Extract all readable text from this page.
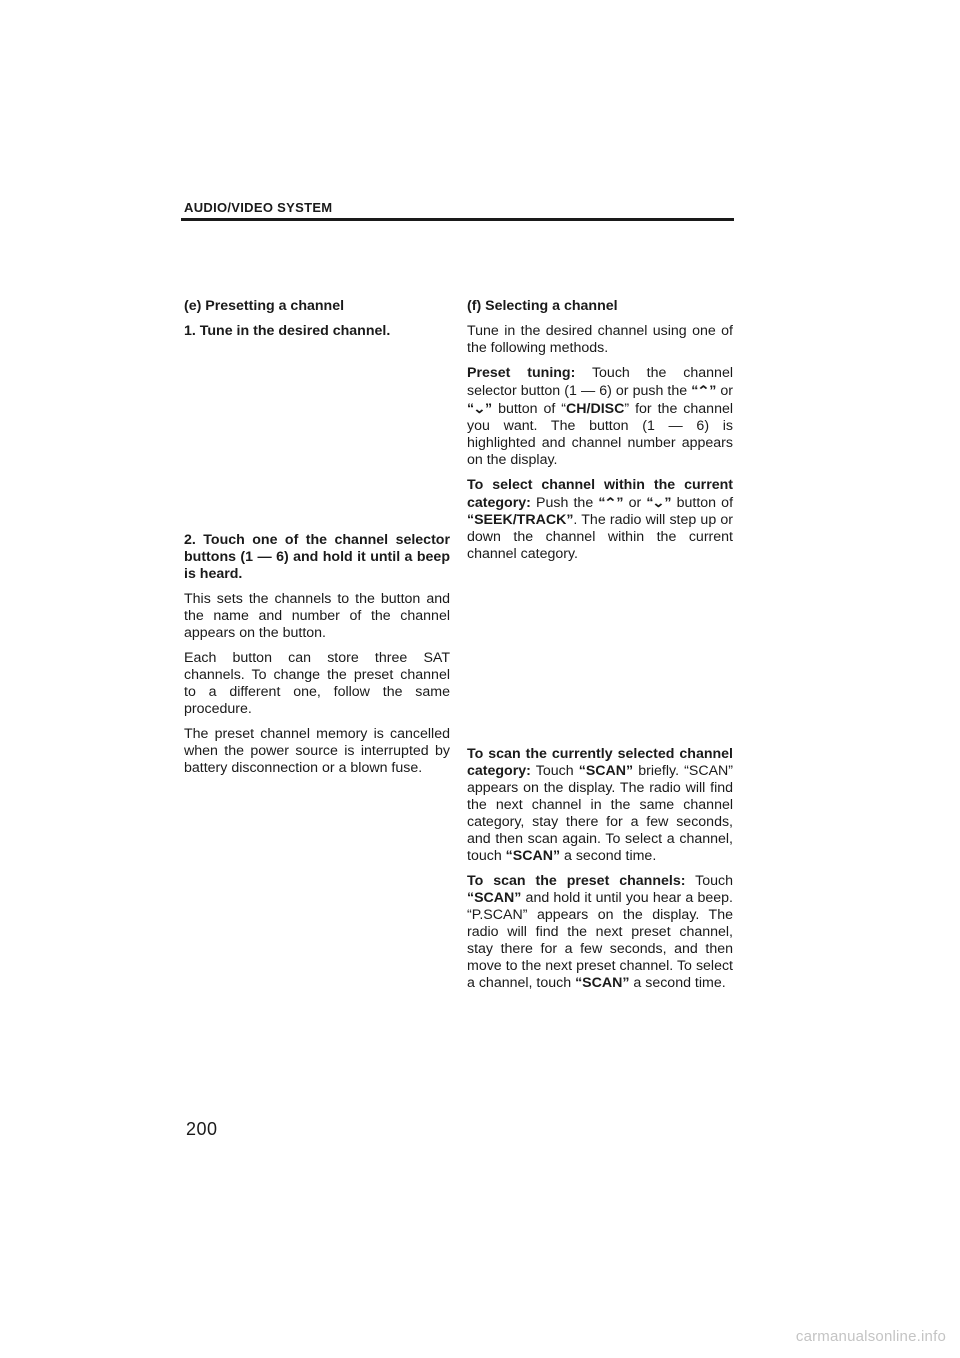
AUDIO/VIDEO SYSTEM

(e) Presetting a channel

1. Tune in the desired channel.

2. Touch one of the channel selector buttons (1 — 6) and hold it until a beep is heard.

This sets the channels to the button and the name and number of the channel appears on the button.

Each button can store three SAT channels. To change the preset channel to a different one, follow the same procedure.

The preset channel memory is cancelled when the power source is interrupted by battery disconnection or a blown fuse.

(f) Selecting a channel

Tune in the desired channel using one of the following methods.

Preset tuning: Touch the channel selector button (1 — 6) or push the “⌃” or “⌄” button of “CH/DISC” for the channel you want. The button (1 — 6) is highlighted and channel number appears on the display.

To select channel within the current category: Push the “⌃” or “⌄” button of “SEEK/TRACK”. The radio will step up or down the channel within the current channel category.

To scan the currently selected channel category: Touch “SCAN” briefly. “SCAN” appears on the display. The radio will find the next channel in the same channel category, stay there for a few seconds, and then scan again. To select a channel, touch “SCAN” a second time.

To scan the preset channels: Touch “SCAN” and hold it until you hear a beep. “P.SCAN” appears on the display. The radio will find the next preset channel, stay there for a few seconds, and then move to the next preset channel. To select a channel, touch “SCAN” a second time.

200
carmanualsonline.info
